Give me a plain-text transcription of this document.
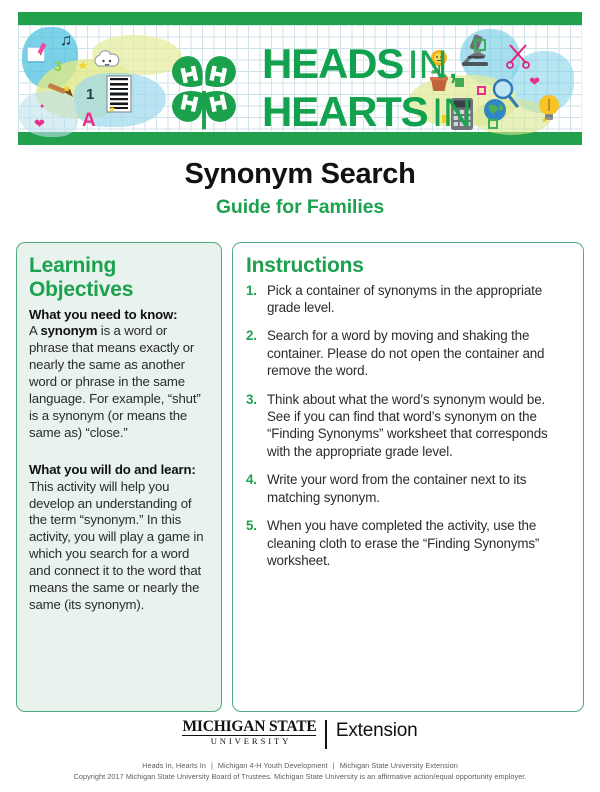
♫
★
★
3
1
❤ A
★
●
❤
★
18 USC 707
HEADS IN,
HEARTS IN
Synonym Search
Guide for Families
Learning Objectives
What you need to know:

A synonym is a word or phrase that means exactly or nearly the same as another word or phrase in the same language. For example, “shut” is a synonym (or means the same as) “close.”

What you will do and learn:

This activity will help you develop an understanding of the term “synonym.” In this activity, you will play a game in which you search for a word and connect it to the word that means the same or nearly the same (its synonym).

Instructions
1. Pick a container of synonyms in the appropriate grade level.
2. Search for a word by moving and shaking the container. Please do not open the container and remove the word.
3. Think about what the word’s synonym would be. See if you can find that word’s synonym on the “Finding Synonyms” worksheet that corresponds with the appropriate grade level.
4. Write your word from the container next to its matching synonym.
5. When you have completed the activity, use the cleaning cloth to erase the “Finding Synonyms” worksheet.
MICHIGAN STATE
UNIVERSITY
Extension
Heads In, Hearts In | Michigan 4-H Youth Development | Michigan State University Extension
Copyright 2017 Michigan State University Board of Trustees. Michigan State University is an affirmative action/equal opportunity employer.
